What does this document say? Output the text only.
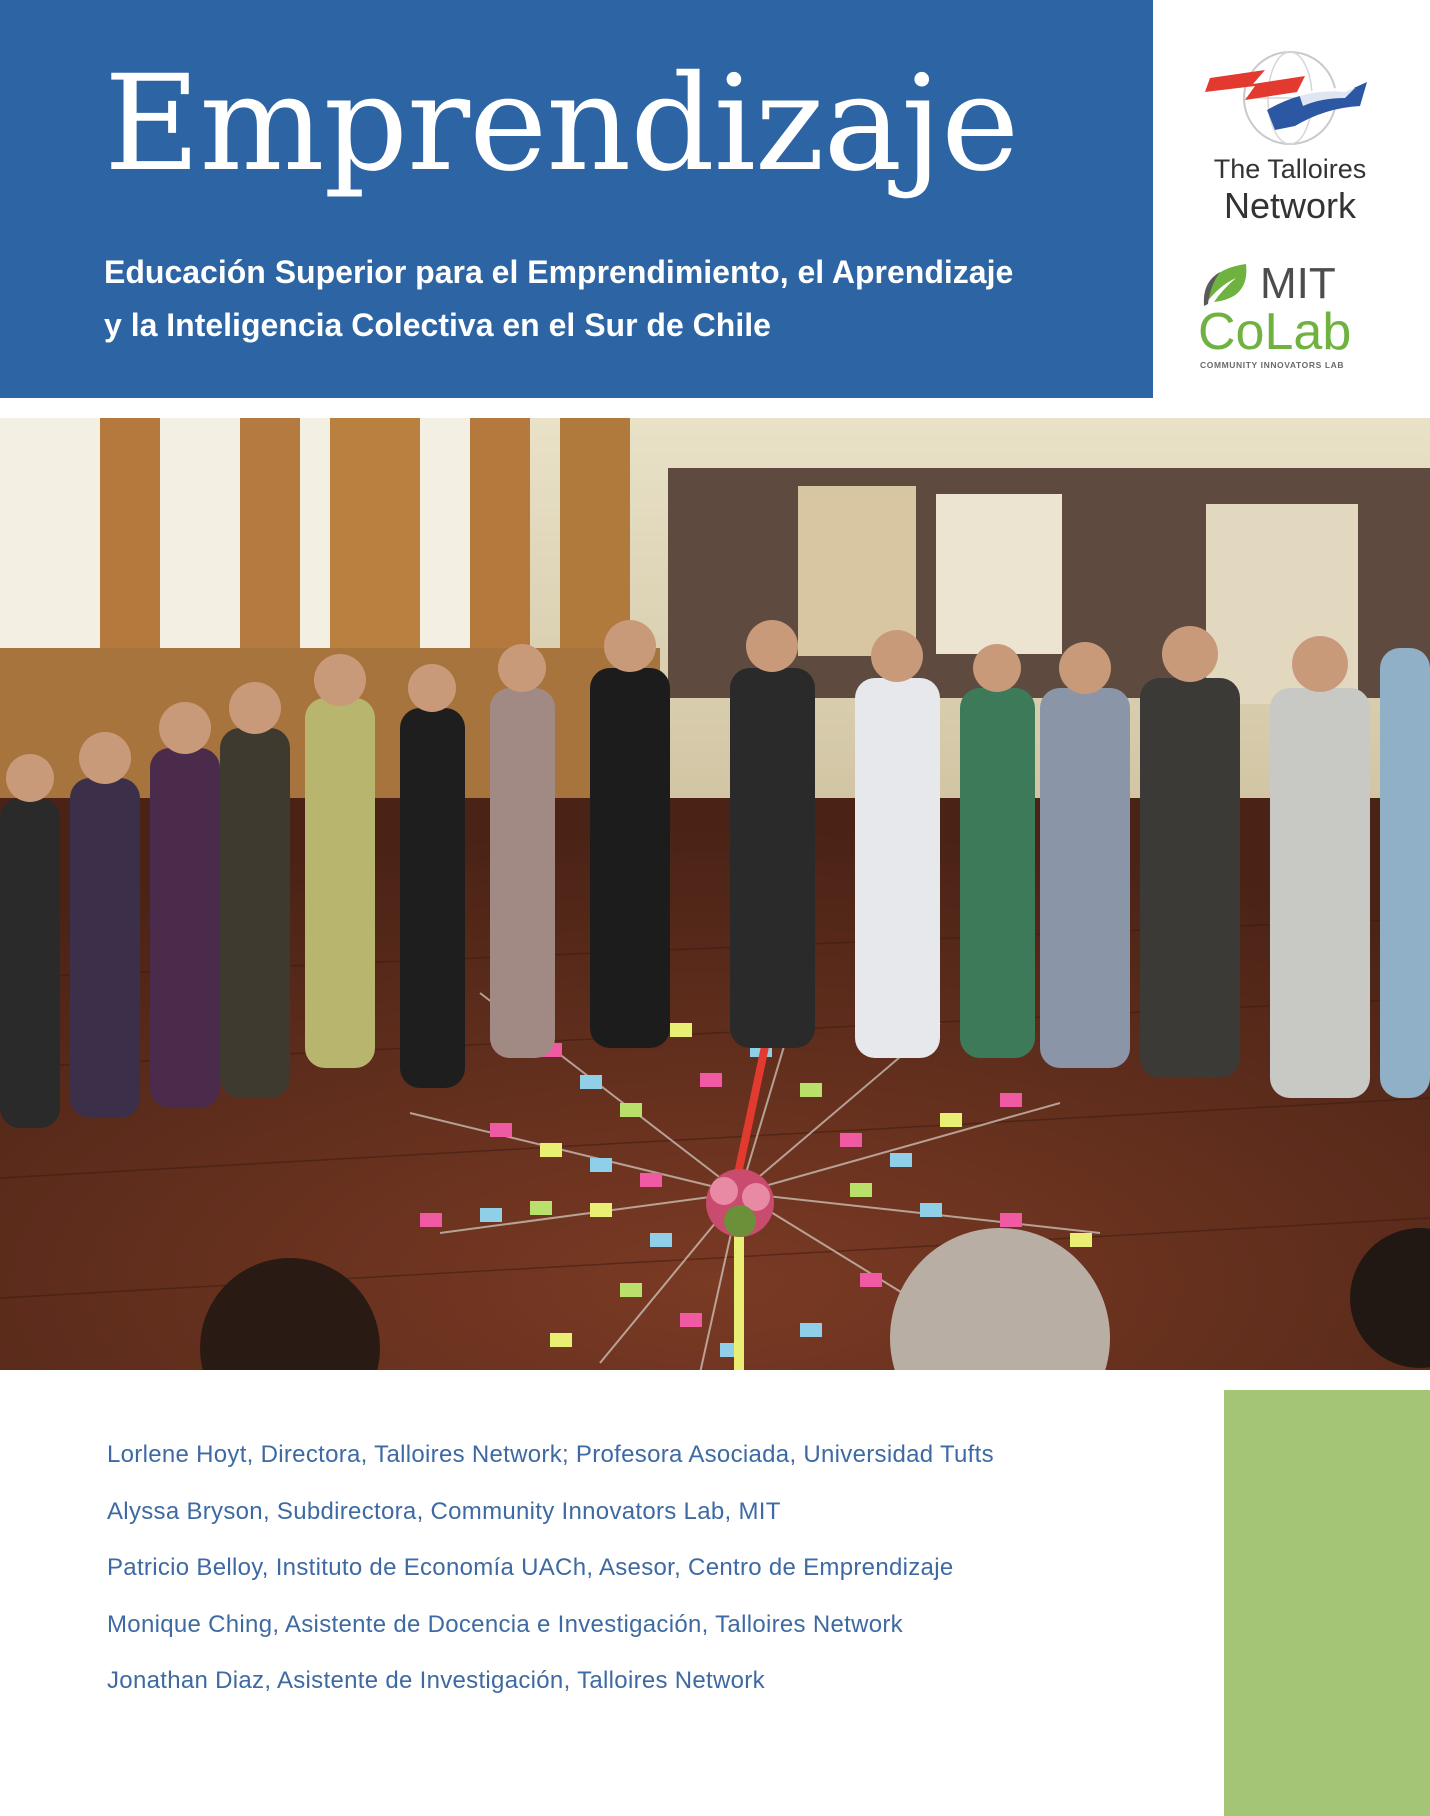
Emprendizaje
Educación Superior para el Emprendimiento, el Aprendizaje
y la Inteligencia Colectiva en el Sur de Chile
The Talloires
Network
MIT
CoLab
COMMUNITY INNOVATORS LAB
Lorlene Hoyt, Directora, Talloires Network; Profesora Asociada, Universidad Tufts
Alyssa Bryson, Subdirectora, Community Innovators Lab, MIT
Patricio Belloy, Instituto de Economía UACh, Asesor, Centro de Emprendizaje
Monique Ching, Asistente de Docencia e Investigación, Talloires Network
Jonathan Diaz, Asistente de Investigación, Talloires Network
